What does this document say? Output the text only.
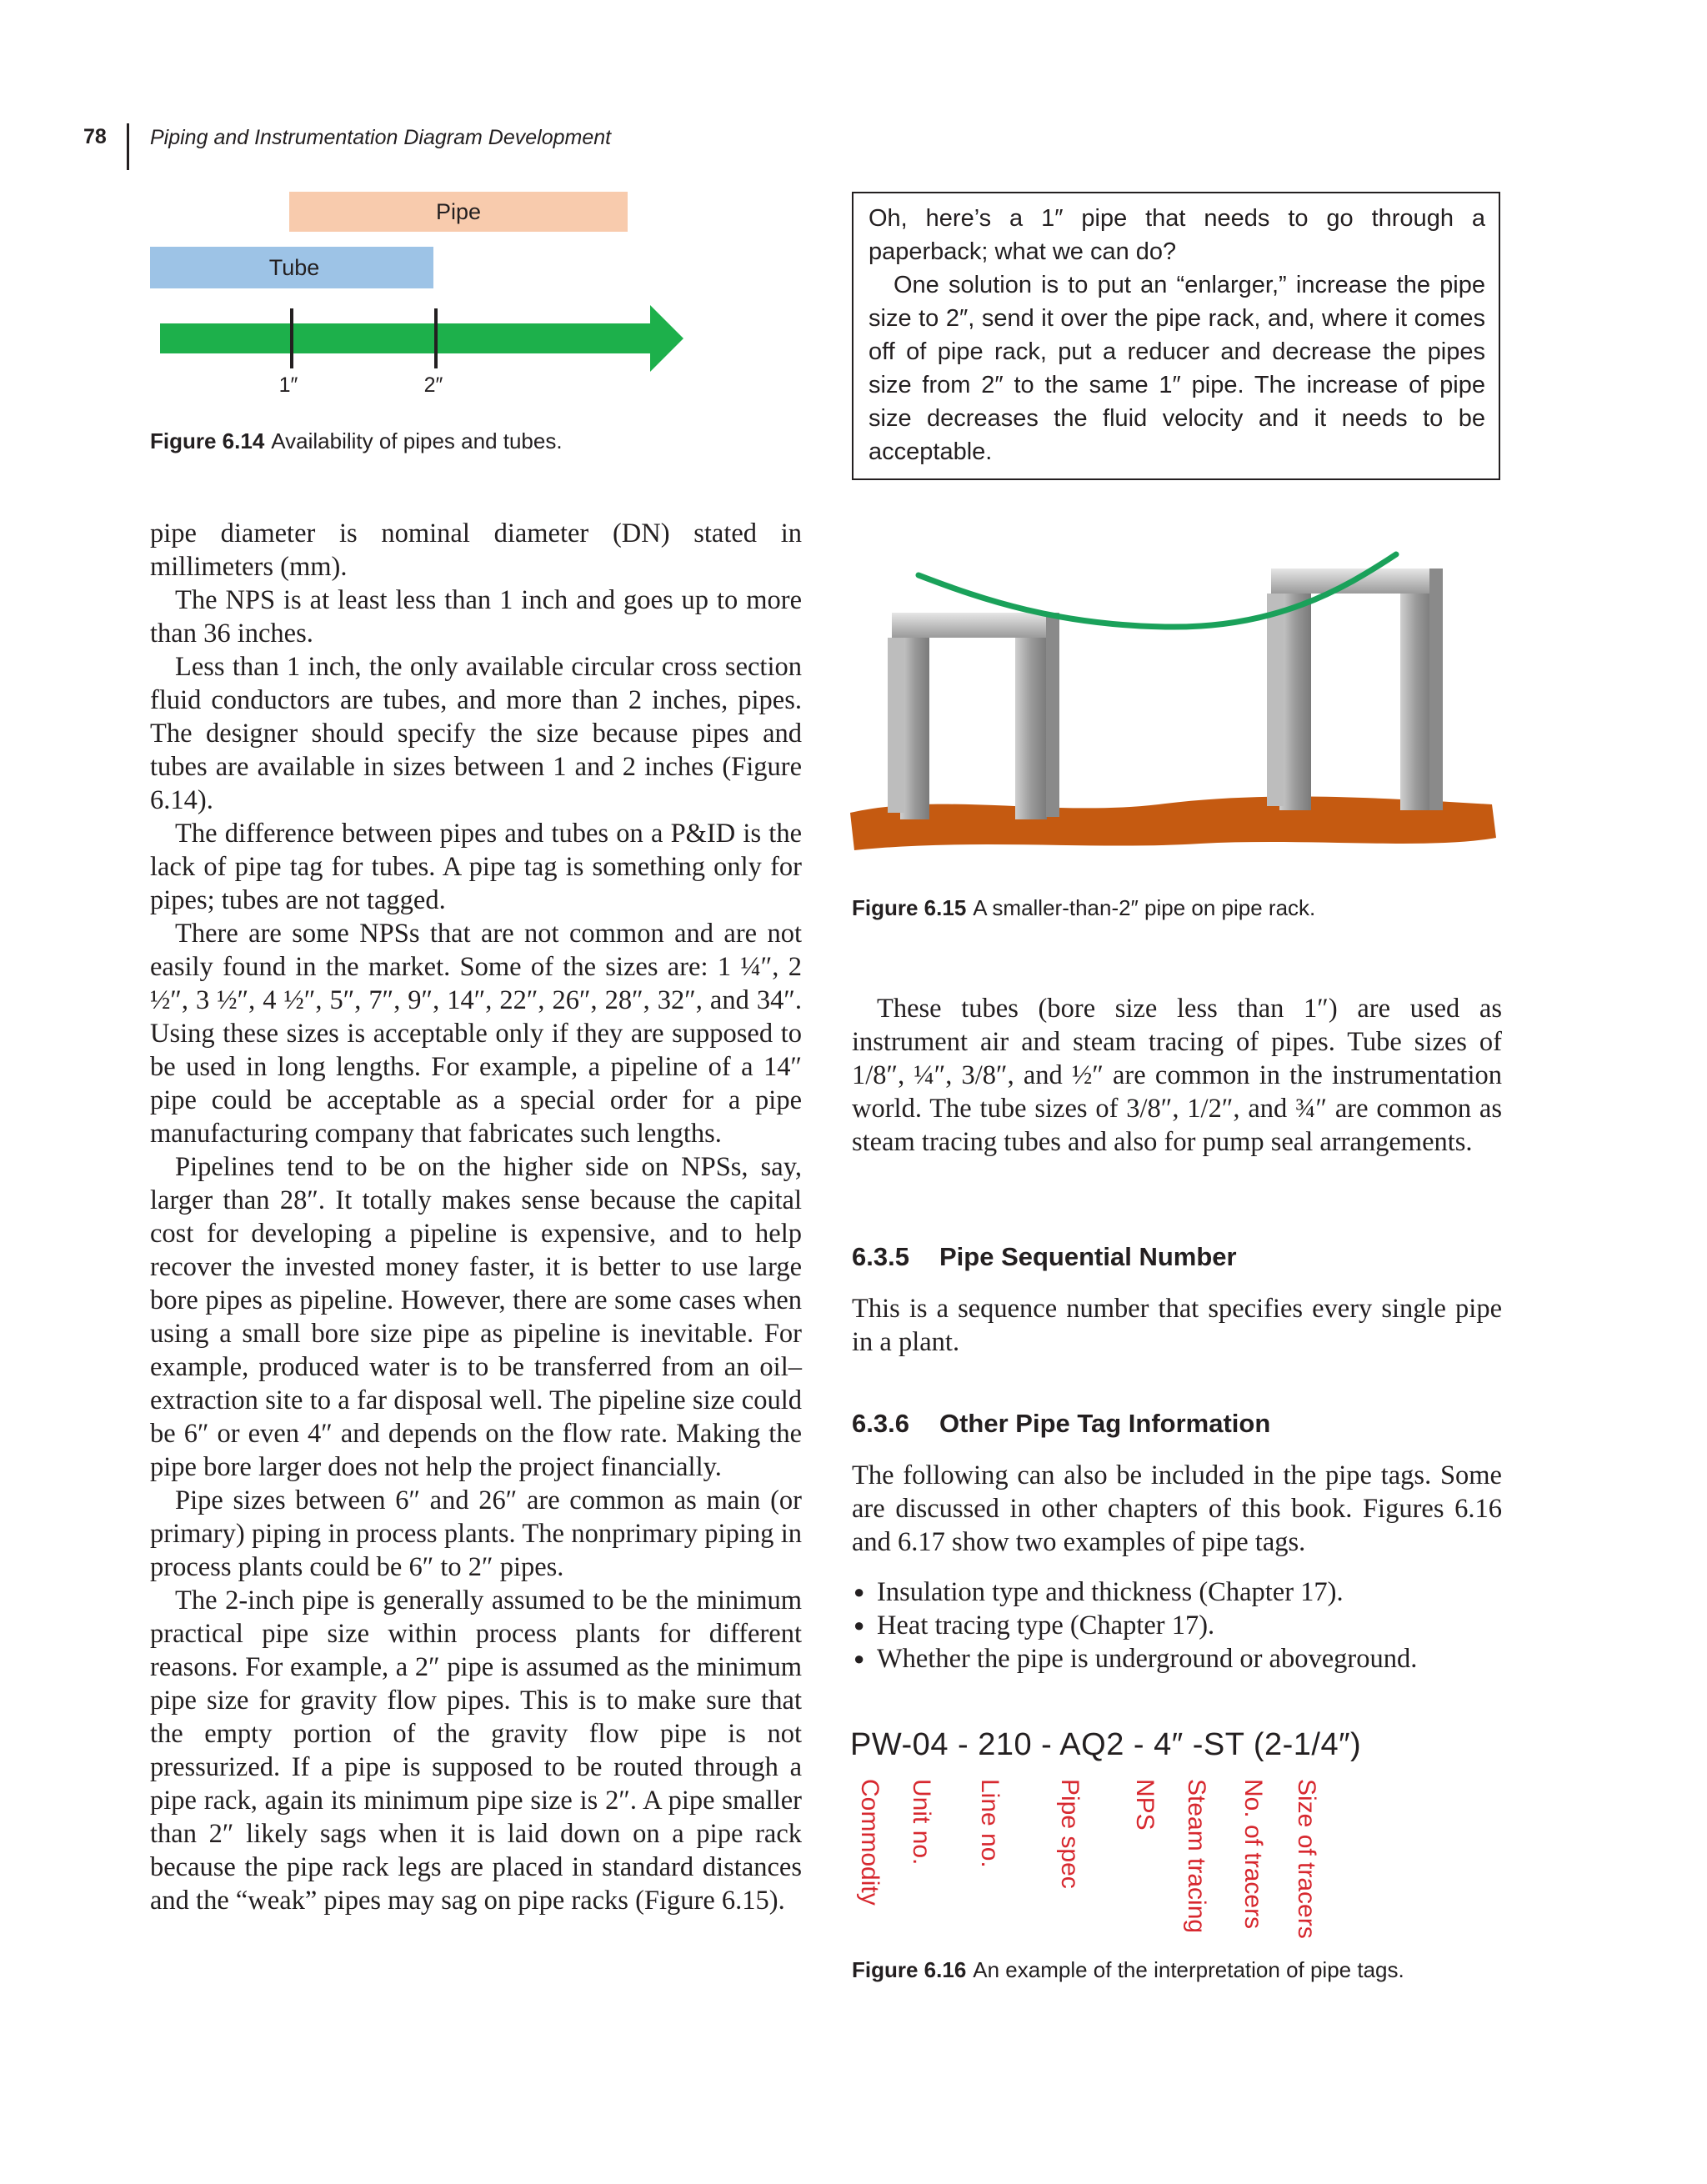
78 Piping and Instrumentation Diagram Development
Pipe
Tube
1″	2″
Figure 6.14 Availability of pipes and tubes.

Oh, here’s a 1″ pipe that needs to go through a paperback; what we can do?

One solution is to put an “enlarger,” increase the pipe size to 2″, send it over the pipe rack, and, where it comes off of pipe rack, put a reducer and decrease the pipes size from 2″ to the same 1″ pipe. The increase of pipe size decreases the fluid velocity and it needs to be acceptable.

pipe diameter is nominal diameter (DN) stated in millimeters (mm).

The NPS is at least less than 1 inch and goes up to more than 36 inches.

Less than 1 inch, the only available circular cross section fluid conductors are tubes, and more than 2 inches, pipes. The designer should specify the size because pipes and tubes are available in sizes between 1 and 2 inches (Figure 6.14).

The difference between pipes and tubes on a P&ID is the lack of pipe tag for tubes. A pipe tag is something only for pipes; tubes are not tagged.

There are some NPSs that are not common and are not easily found in the market. Some of the sizes are: 1 ¼″, 2 ½″, 3 ½″, 4 ½″, 5″, 7″, 9″, 14″, 22″, 26″, 28″, 32″, and 34″. Using these sizes is acceptable only if they are supposed to be used in long lengths. For example, a pipeline of a 14″ pipe could be acceptable as a special order for a pipe manufacturing company that fabricates such lengths.

Pipelines tend to be on the higher side on NPSs, say, larger than 28″. It totally makes sense because the capital cost for developing a pipeline is expensive, and to help recover the invested money faster, it is better to use large bore pipes as pipeline. However, there are some cases when using a small bore size pipe as pipeline is inevitable. For example, produced water is to be transferred from an oil–extraction site to a far disposal well. The pipeline size could be 6″ or even 4″ and depends on the flow rate. Making the pipe bore larger does not help the project financially.

Pipe sizes between 6″ and 26″ are common as main (or primary) piping in process plants. The nonprimary piping in process plants could be 6″ to 2″ pipes.

The 2-inch pipe is generally assumed to be the minimum practical pipe size within process plants for different reasons. For example, a 2″ pipe is assumed as the minimum pipe size for gravity flow pipes. This is to make sure that the empty portion of the gravity flow pipe is not pressurized. If a pipe is supposed to be routed through a pipe rack, again its minimum pipe size is 2″. A pipe smaller than 2″ likely sags when it is laid down on a pipe rack because the pipe rack legs are placed in standard distances and the “weak” pipes may sag on pipe racks (Figure 6.15).

Figure 6.15 A smaller-than-2″ pipe on pipe rack.

These tubes (bore size less than 1″) are used as instrument air and steam tracing of pipes. Tube sizes of 1/8″, ¼″, 3/8″, and ½″ are common in the instrumentation world. The tube sizes of 3/8″, 1/2″, and ¾″ are common as steam tracing tubes and also for pump seal arrangements.

6.3.5 Pipe Sequential Number
This is a sequence number that specifies every single pipe in a plant.
6.3.6 Other Pipe Tag Information
The following can also be included in the pipe tags. Some are discussed in other chapters of this book. Figures 6.16 and 6.17 show two examples of pipe tags.
● Insulation type and thickness (Chapter 17).
● Heat tracing type (Chapter 17).
● Whether the pipe is underground or aboveground.
PW-04 - 210 - AQ2 - 4″ -ST (2-1/4″)
Commodity Unit no. Line no. Pipe spec NPS Steam tracing No. of tracers Size of tracers
Figure 6.16 An example of the interpretation of pipe tags.
